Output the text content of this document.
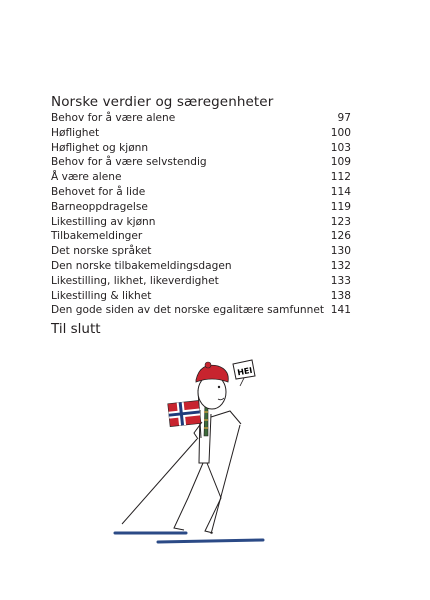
Norske verdier og særegenheter
Behov for å være alene	97
Høflighet	100
Høflighet og kjønn	103
Behov for å være selvstendig	109
Å være alene	112
Behovet for å lide	114
Barneoppdragelse	119
Likestilling av kjønn	123
Tilbakemeldinger	126
Det norske språket	130
Den norske tilbakemeldingsdagen	132
Likestilling, likhet, likeverdighet	133
Likestilling & likhet	138
Den gode siden av det norske egalitære samfunnet 141
Til slutt
HEI
